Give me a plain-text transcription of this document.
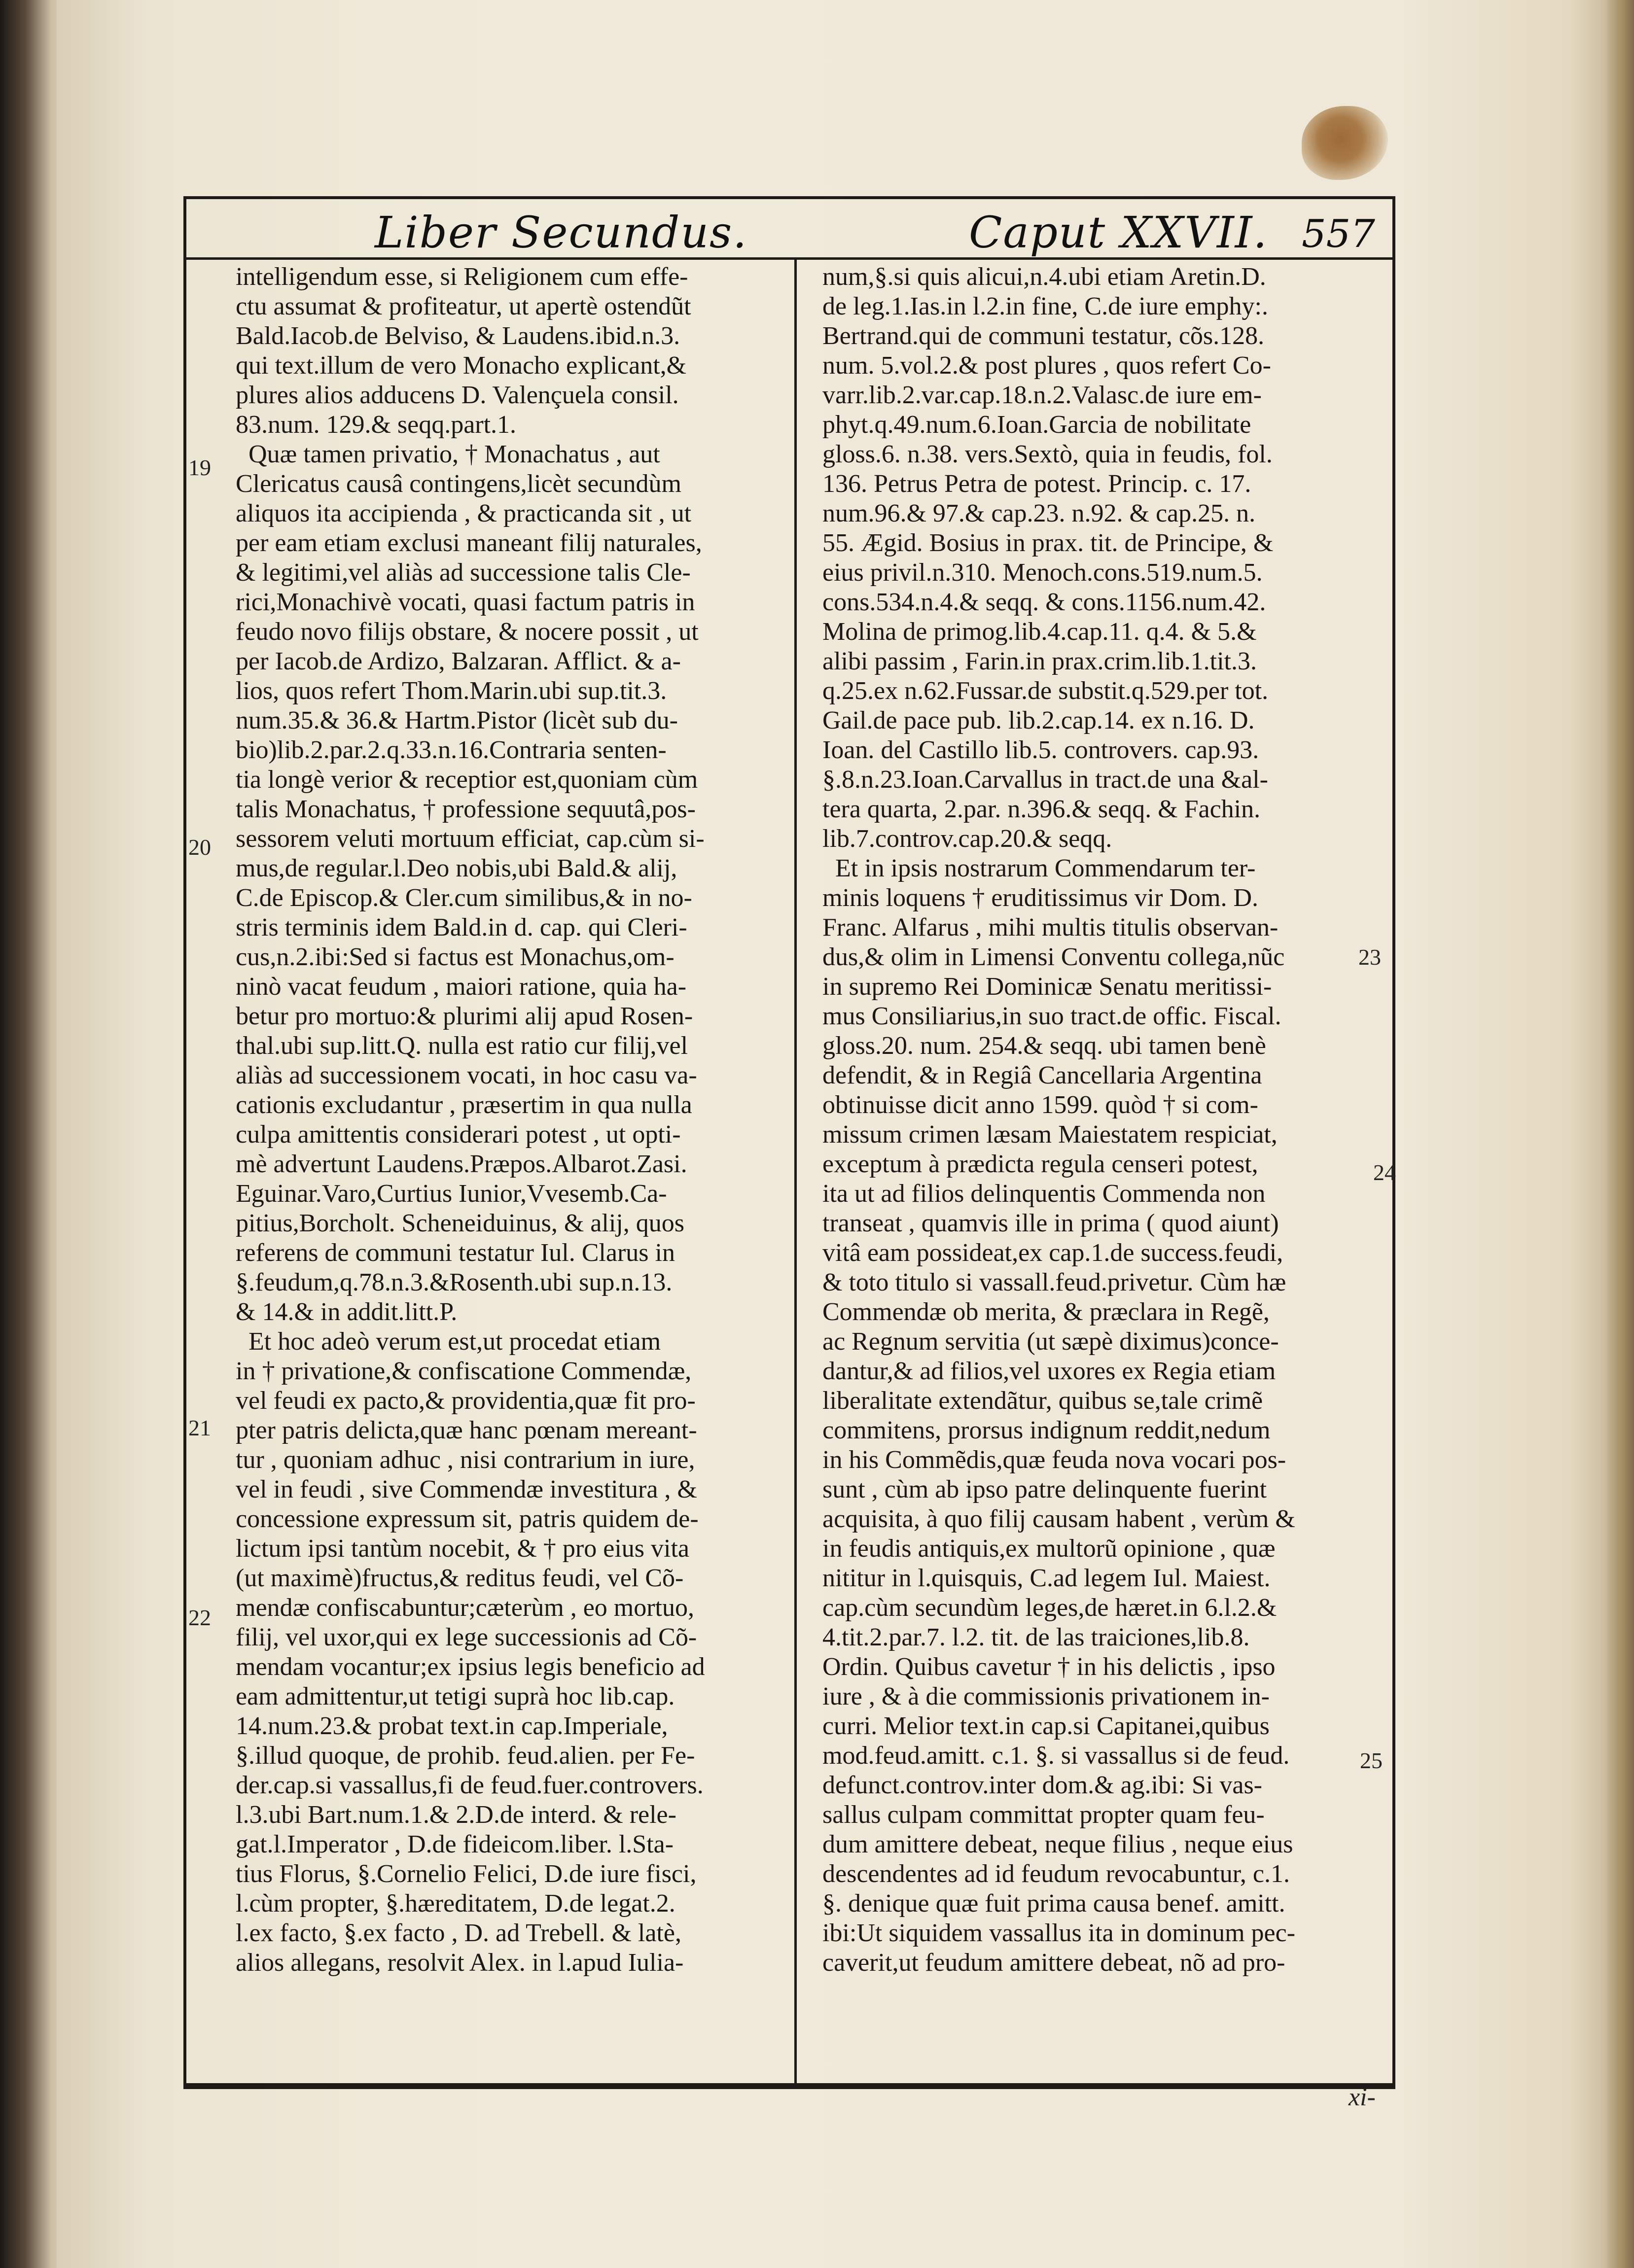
Liber Secundus.	Caput XXVII. 557
intelligendum esse, si Religionem cum effe-
ctu assumat & profiteatur, ut apertè ostendũt
Bald.Iacob.de Belviso, & Laudens.ibid.n.3.
qui text.illum de vero Monacho explicant,&
plures alios adducens D. Valençuela consil.
83.num. 129.& seqq.part.1.
Quæ tamen privatio, † Monachatus , aut
Clericatus causâ contingens,licèt secundùm
aliquos ita accipienda , & practicanda sit , ut
per eam etiam exclusi maneant filij naturales,
& legitimi,vel aliàs ad successione talis Cle-
rici,Monachivè vocati, quasi factum patris in
feudo novo filijs obstare, & nocere possit , ut
per Iacob.de Ardizo, Balzaran. Afflict. & a-
lios, quos refert Thom.Marin.ubi sup.tit.3.
num.35.& 36.& Hartm.Pistor (licèt sub du-
bio)lib.2.par.2.q.33.n.16.Contraria senten-
tia longè verior & receptior est,quoniam cùm
talis Monachatus, † professione sequutâ,pos-
sessorem veluti mortuum efficiat, cap.cùm si-
mus,de regular.l.Deo nobis,ubi Bald.& alij,
C.de Episcop.& Cler.cum similibus,& in no-
stris terminis idem Bald.in d. cap. qui Cleri-
cus,n.2.ibi:Sed si factus est Monachus,om-
ninò vacat feudum , maiori ratione, quia ha-
betur pro mortuo:& plurimi alij apud Rosen-
thal.ubi sup.litt.Q. nulla est ratio cur filij,vel
aliàs ad successionem vocati, in hoc casu va-
cationis excludantur , præsertim in qua nulla
culpa amittentis considerari potest , ut opti-
mè advertunt Laudens.Præpos.Albarot.Zasi.
Eguinar.Varo,Curtius Iunior,Vvesemb.Ca-
pitius,Borcholt. Scheneiduinus, & alij, quos
referens de communi testatur Iul. Clarus in
§.feudum,q.78.n.3.&Rosenth.ubi sup.n.13.
& 14.& in addit.litt.P.
Et hoc adeò verum est,ut procedat etiam
in † privatione,& confiscatione Commendæ,
vel feudi ex pacto,& providentia,quæ fit pro-
pter patris delicta,quæ hanc pœnam mereant-
tur , quoniam adhuc , nisi contrarium in iure,
vel in feudi , sive Commendæ investitura , &
concessione expressum sit, patris quidem de-
lictum ipsi tantùm nocebit, & † pro eius vita
(ut maximè)fructus,& reditus feudi, vel Cõ-
mendæ confiscabuntur;cæterùm , eo mortuo,
filij, vel uxor,qui ex lege successionis ad Cõ-
mendam vocantur;ex ipsius legis beneficio ad
eam admittentur,ut tetigi suprà hoc lib.cap.
14.num.23.& probat text.in cap.Imperiale,
§.illud quoque, de prohib. feud.alien. per Fe-
der.cap.si vassallus,fi de feud.fuer.controvers.
l.3.ubi Bart.num.1.& 2.D.de interd. & rele-
gat.l.Imperator , D.de fideicom.liber. l.Sta-
tius Florus, §.Cornelio Felici, D.de iure fisci,
l.cùm propter, §.hæreditatem, D.de legat.2.
l.ex facto, §.ex facto , D. ad Trebell. & latè,
alios allegans, resolvit Alex. in l.apud Iulia-
num,§.si quis alicui,n.4.ubi etiam Aretin.D.
de leg.1.Ias.in l.2.in fine, C.de iure emphy:.
Bertrand.qui de communi testatur, cõs.128.
num. 5.vol.2.& post plures , quos refert Co-
varr.lib.2.var.cap.18.n.2.Valasc.de iure em-
phyt.q.49.num.6.Ioan.Garcia de nobilitate
gloss.6. n.38. vers.Sextò, quia in feudis, fol.
136. Petrus Petra de potest. Princip. c. 17.
num.96.& 97.& cap.23. n.92. & cap.25. n.
55. Ægid. Bosius in prax. tit. de Principe, &
eius privil.n.310. Menoch.cons.519.num.5.
cons.534.n.4.& seqq. & cons.1156.num.42.
Molina de primog.lib.4.cap.11. q.4. & 5.&
alibi passim , Farin.in prax.crim.lib.1.tit.3.
q.25.ex n.62.Fussar.de substit.q.529.per tot.
Gail.de pace pub. lib.2.cap.14. ex n.16. D.
Ioan. del Castillo lib.5. controvers. cap.93.
§.8.n.23.Ioan.Carvallus in tract.de una &al-
tera quarta, 2.par. n.396.& seqq. & Fachin.
lib.7.controv.cap.20.& seqq.
Et in ipsis nostrarum Commendarum ter-
minis loquens † eruditissimus vir Dom. D.
Franc. Alfarus , mihi multis titulis observan-
dus,& olim in Limensi Conventu collega,nũc
in supremo Rei Dominicæ Senatu meritissi-
mus Consiliarius,in suo tract.de offic. Fiscal.
gloss.20. num. 254.& seqq. ubi tamen benè
defendit, & in Regiâ Cancellaria Argentina
obtinuisse dicit anno 1599. quòd † si com-
missum crimen læsam Maiestatem respiciat,
exceptum à prædicta regula censeri potest,
ita ut ad filios delinquentis Commenda non
transeat , quamvis ille in prima ( quod aiunt)
vitâ eam possideat,ex cap.1.de success.feudi,
& toto titulo si vassall.feud.privetur. Cùm hæ
Commendæ ob merita, & præclara in Regẽ,
ac Regnum servitia (ut sæpè diximus)conce-
dantur,& ad filios,vel uxores ex Regia etiam
liberalitate extendãtur, quibus se,tale crimẽ
commitens, prorsus indignum reddit,nedum
in his Commẽdis,quæ feuda nova vocari pos-
sunt , cùm ab ipso patre delinquente fuerint
acquisita, à quo filij causam habent , verùm &
in feudis antiquis,ex multorũ opinione , quæ
nititur in l.quisquis, C.ad legem Iul. Maiest.
cap.cùm secundùm leges,de hæret.in 6.l.2.&
4.tit.2.par.7. l.2. tit. de las traiciones,lib.8.
Ordin. Quibus cavetur † in his delictis , ipso
iure , & à die commissionis privationem in-
curri. Melior text.in cap.si Capitanei,quibus
mod.feud.amitt. c.1. §. si vassallus si de feud.
defunct.controv.inter dom.& ag.ibi: Si vas-
sallus culpam committat propter quam feu-
dum amittere debeat, neque filius , neque eius
descendentes ad id feudum revocabuntur, c.1.
§. denique quæ fuit prima causa benef. amitt.
ibi:Ut siquidem vassallus ita in dominum pec-
caverit,ut feudum amittere debeat, nõ ad pro-
19
20
21
22
23
24
25
xi-
